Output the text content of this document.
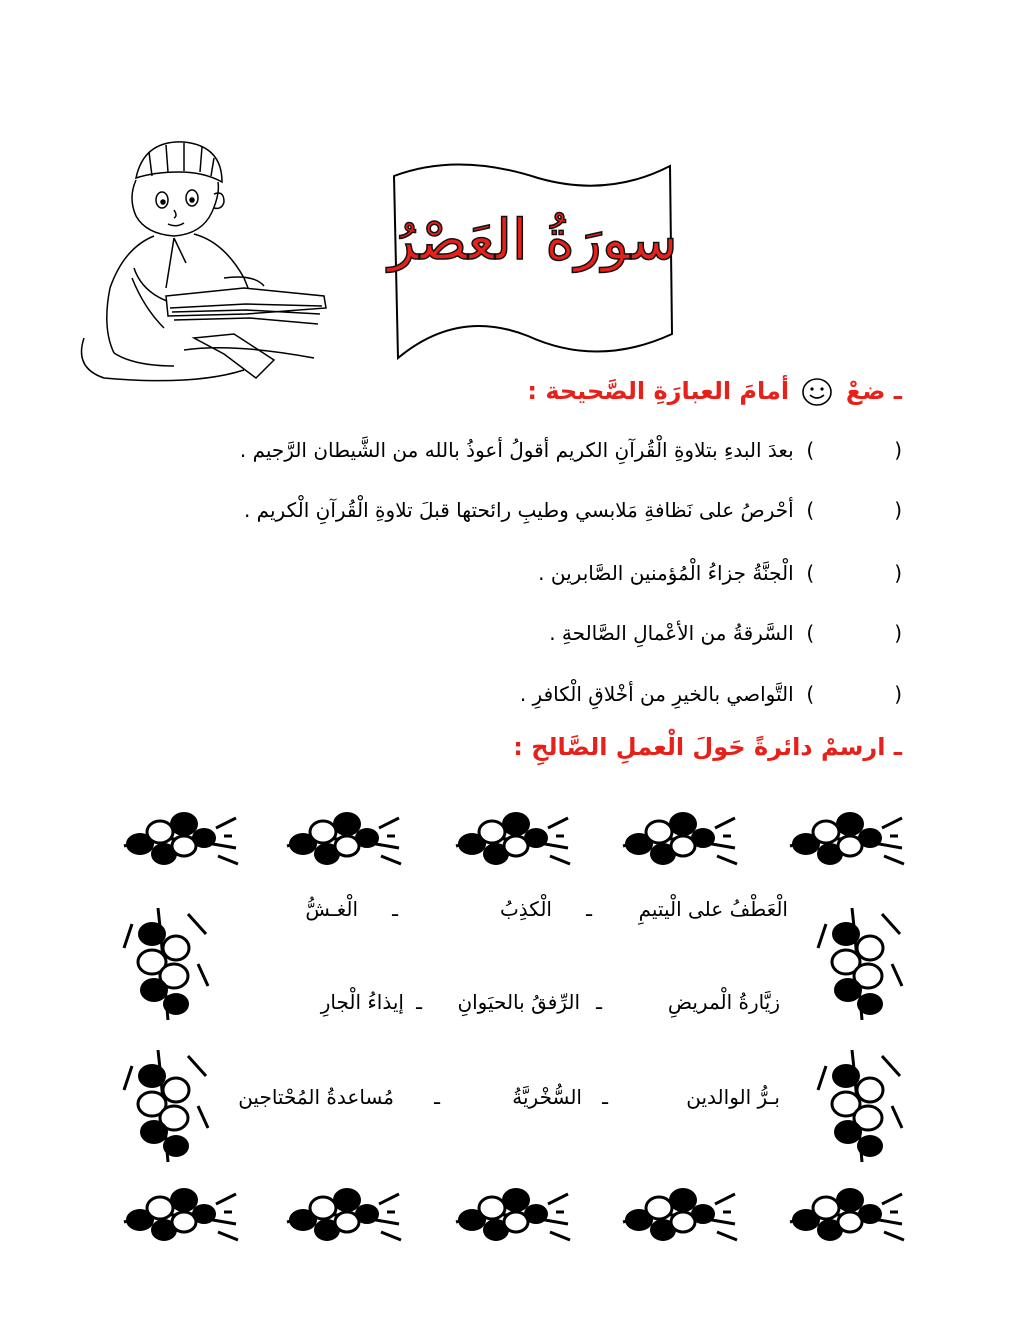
سورَةُ العَصْرُ
ـ ضعْ  أمامَ العبارَةِ الصَّحيحة :
()  بعدَ البدءِ بتلاوةِ الْقُرآنِ الكريم أقولُ أعوذُ بالله من الشَّيطان الرَّجيم .
()  أحْرصُ على نَظافةِ مَلابسي وطيبِ رائحتها قبلَ تلاوةِ الْقُرآنِ الْكريم .
()  الْجنَّةُ جزاءُ الْمُؤمنين الصَّابرين .
()  السَّرقةُ من الأعْمالِ الصَّالحةِ .
()  التَّواصي بالخيرِ من أخْلاقِ الْكافرِ .
ـ ارسمْ دائرةً حَولَ الْعملِ الصَّالحِ :
الْعَطْفُ على الْيتيمِ
ـ
الْكذِبُ
ـ
الْغـشُّ
زيَّارةُ الْمريضِ
ـ
الرِّفقُ بالحيَوانِ
ـ
إيذاءُ الْجارِ
بـرُّ الوالدين
ـ
السُّخْريَّةُ
ـ
مُساعدةُ المُحْتاجين
